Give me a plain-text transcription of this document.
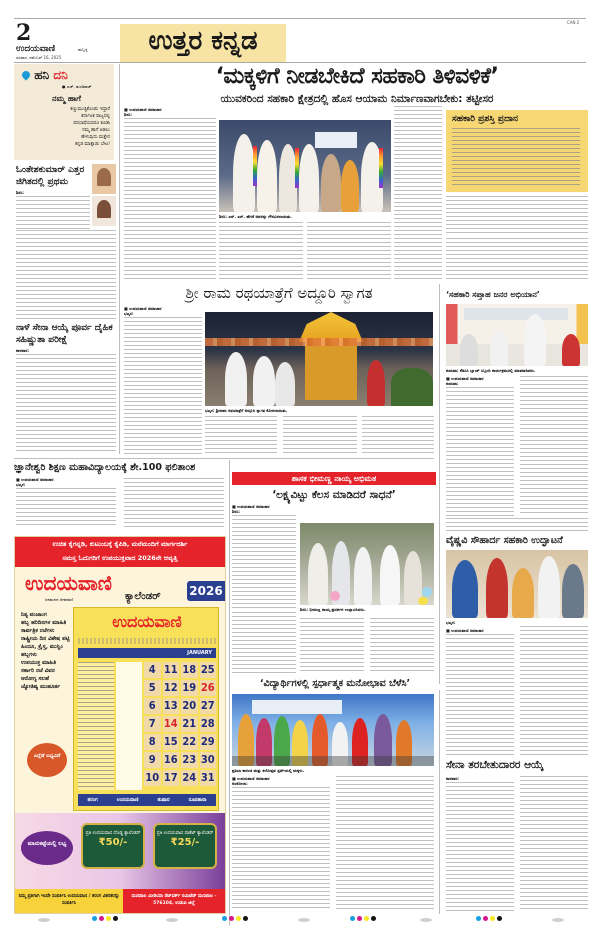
CAN 2
2
ಉದಯವಾಣಿ	ಹುಬ್ಬಳ್ಳಿ
ರವಿವಾರ, ನವೆಂಬರ್ 16, 2025
ಉತ್ತರ ಕನ್ನಡ
ಹನಿ ದನಿ
● ಎಚ್. ಡುಂಡಿರಾಜ್
ನಮ್ಮ ಹಾಗೆ
ಕಣ್ಣುಮುಚ್ಚಿಕೊಂಡು ಇದ್ದಾರೆ
ಕರ್ನಾಟಕ ರಾಜ್ಯದಲ್ಲಿ
ಪರಭಾಷೆಯವರೂ ಕೂಡಾ
ನಮ್ಮ ಹಾಗೆ ಆಡಲು
ಹೇಳುವುದು ಮತ್ತೇನ
ಕನ್ನಡ ಮಾತ್ನಾಡು ಬೇಟ!
ಓಂತೇಶಕುಮಾರ್ ಎತ್ತರ ಜಿಗಿತದಲ್ಲಿ ಪ್ರಥಮ
ಶಿರಸಿ:
ನಾಳೆ ಸೇನಾ ಆಯ್ಕೆ ಪೂರ್ವ ದೈಹಿಕ ಸಹಿಷ್ಣುತಾ ಪರೀಕ್ಷೆ
ಕಾರವಾರ:
‘ಮಕ್ಕಳಿಗೆ ನೀಡಬೇಕಿದೆ ಸಹಕಾರಿ ತಿಳಿವಳಿಕೆ’
ಯುವಕರಿಂದ ಸಹಕಾರಿ ಕ್ಷೇತ್ರದಲ್ಲಿ ಹೊಸ ಆಯಾಮ ನಿರ್ಮಾಣವಾಗಬೇಕು: ತಟ್ಟೀಸರ
■ ಉದಯವಾಣಿ ಸಮಾಚಾರ
ಶಿರಸಿ:
ಶಿರಸಿ: ಎನ್. ಎಸ್. ಹೆಗಡೆ ಅವರನ್ನು ಗೌರವಿಸಲಾಯಿತು.
ಸಹಕಾರಿ ಪ್ರಶಸ್ತಿ ಪ್ರದಾನ
ಶ್ರೀ ರಾಮ ರಥಯಾತ್ರೆಗೆ ಅದ್ದೂರಿ ಸ್ವಾಗತ
■ ಉದಯವಾಣಿ ಸಮಾಚಾರ
ಭಟ್ಕಳ:
ಭಟ್ಕಳ: ಶ್ರೀರಾಮ ರಥಯಾತ್ರೆಗೆ ಅದ್ದೂರಿ ಸ್ವಾಗತ ಕೋರಲಾಯಿತು.
‘ಸಹಕಾರಿ ಸಪ್ತಾಹ ಜನರ ಅಭಿಯಾನ’
ಕುಮಟಾ: ಕೆಡಿಸಿಸಿ ಬ್ಯಾಂಕ್ ಸಿಬ್ಬಂದಿ ಕಾರ್ಯಕ್ರಮದಲ್ಲಿ ಮಾತನಾಡಿದರು.
■ ಉದಯವಾಣಿ ಸಮಾಚಾರ
ಕುಮಟಾ:
ಜ್ಞಾನೇಶ್ವರಿ ಶಿಕ್ಷಣ ಮಹಾವಿದ್ಯಾಲಯಕ್ಕೆ ಶೇ.100 ಫಲಿತಾಂಶ
■ ಉದಯವಾಣಿ ಸಮಾಚಾರ
ಭಟ್ಕಳ:
ಶಾಸಕ ಭೀಮಣ್ಣ ನಾಯ್ಕ ಅಭಿಮತ
‘ಲಕ್ಷ್ಯವಿಟ್ಟು ಕೆಲಸ ಮಾಡಿದರೆ ಸಾಧನೆ’
■ ಉದಯವಾಣಿ ಸಮಾಚಾರ
ಶಿರಸಿ:
ಶಿರಸಿ: ಭೀಮಣ್ಣ ನಾಯ್ಕ ಪ್ರದರ್ಶನ ಉದ್ಘಾಟಿಸಿದರು.
ವೈಷ್ಣವಿ ಸೌಹಾರ್ದ ಸಹಕಾರಿ ಉದ್ಘಾಟನೆ
ಭಟ್ಕಳ:
■ ಉದಯವಾಣಿ ಸಮಾಚಾರ
‘ವಿದ್ಯಾರ್ಥಿಗಳಲ್ಲಿ ಸ್ಪರ್ಧಾತ್ಮಕ ಮನೋಭಾವ ಬೆಳೆಸಿ’
ಪ್ರತಿಭಾ ಕಾರಂಜಿ ಮತ್ತು ಕಲೋತ್ಸವ ಸ್ಪರ್ಧೆಯಲ್ಲಿ ಮಕ್ಕಳು.
■ ಉದಯವಾಣಿ ಸಮಾಚಾರ
ಅಂಕೋಲಾ:
ಸೇನಾ ತರಬೇತುದಾರರ ಆಯ್ಕೆ
ಕಾರವಾರ:
ಉಚಿತ ಕೈಗನ್ನಡಿ, ಕುಟುಂಬಕ್ಕೆ ಕೈಪಿಡಿ, ಮನೆಮಂದಿಗೆ ಮಾರ್ಗದರ್ಶಿ
ಸಮಸ್ತ ಓದುಗರಿಗೆ ಉಪಯುಕ್ತವಾದ 2026ನೇ ಆವೃತ್ತಿ
ಉದಯವಾಣಿ
ಜನಮನದ ಜೀವವಾಣಿ	ಕ್ಯಾಲೆಂಡರ್ 2026
ನಿತ್ಯ ಪಂಚಾಂಗ
ಹಬ್ಬ ಹರಿದಿನಗಳ ಮಾಹಿತಿ
ಸಾರ್ವತ್ರಿಕ ರಜೆಗಳು
ರಾಷ್ಟ್ರೀಯ ದಿನ ವಿಶೇಷ ಪಟ್ಟಿ
ಹಿಂದೂ, ಕ್ರೈಸ್ತ, ಮುಸ್ಲಿಂ ಹಬ್ಬಗಳು
ಉಪಯುಕ್ತ ಮಾಹಿತಿ
ಸರ್ಕಾರಿ ರಜೆ ವಿವರ
ಆರೋಗ್ಯ ಸಲಹೆ
ಜ್ಯೋತಿಷ್ಯ ಮುಹೂರ್ತ
ಎಲ್ಲೆಡೆ ಲಭ್ಯವಿದೆ
ಉದಯವಾಣಿ
JANUARY
4 11 18 25
5 12 19 26
6 13 20 27
7 14 21 28
8 15 22 29
9 16 23 30
10 17 24 31
ತರಂಗ	ಉದಯವಾಣಿ	ತುಷಾರ	ರೂಪತಾರಾ
ಮಾರುಕಟ್ಟೆಯಲ್ಲಿ ಲಭ್ಯ
ಪ್ರತಿ ಉದಯವಾಣಿ ದೊಡ್ಡ ಕ್ಯಾಲೆಂಡರ್
₹50/-
ಪ್ರತಿ ಉದಯವಾಣಿ ಪಾಕೆಟ್ ಕ್ಯಾಲೆಂಡರ್
₹25/-
ನಿಮ್ಮ ಪ್ರತಿಗಾಗಿ ಇಂದೇ ಸಂಪರ್ಕಿಸಿ ಉದಯವಾಣಿ / ತರಂಗ ವಿತರಕರನ್ನು ಸಂಪರ್ಕಿಸಿ
ಮಣಿಪಾಲ ಮೀಡಿಯಾ ನೆಟ್‌ವರ್ಕ್ ಲಿಮಿಟೆಡ್ ಮಣಿಪಾಲ - 576104, ಉಡುಪಿ ಜಿಲ್ಲೆ
